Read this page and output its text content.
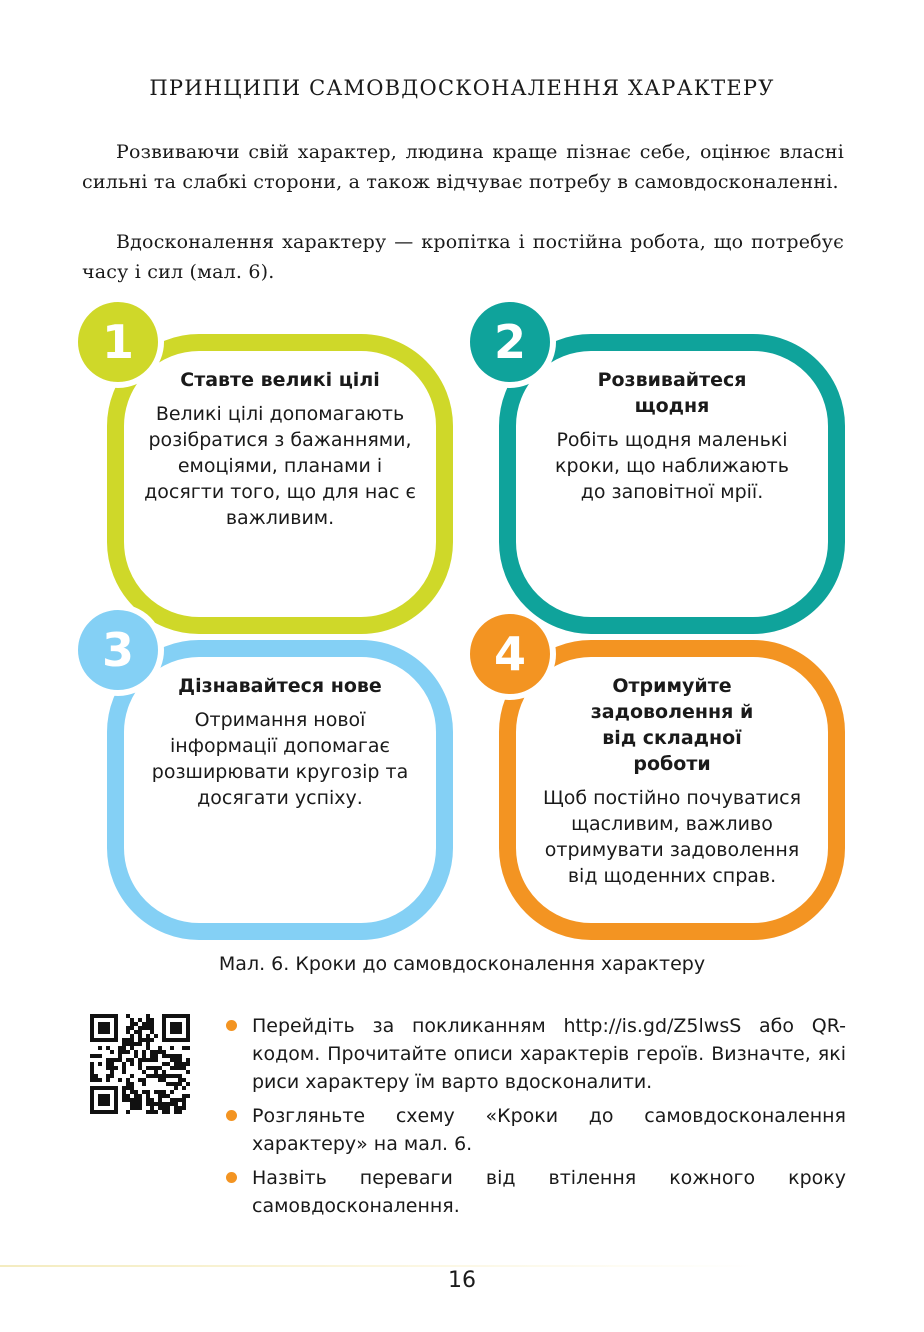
ПРИНЦИПИ САМОВДОСКОНАЛЕННЯ ХАРАКТЕРУ

Розвиваючи свій характер, людина краще пізнає себе, оцінює власні сильні та слабкі сторони, а також відчуває потребу в самовдосконаленні.

Вдосконалення характеру — кропітка і постійна робота, що потребує часу і сил (мал. 6).

Ставте великі цілі

Великі цілі допомагають розібратися з бажаннями, емоціями, планами і досягти того, що для нас є важливим.

1

Розвивайтеся щодня

Робіть щодня маленькі кроки, що наближають до заповітної мрії.

2

Дізнавайтеся нове

Отримання нової інформації допомагає розширювати кругозір та досягати успіху.

3

Отримуйте задоволення й від складної роботи

Щоб постійно почуватися щасливим, важливо отримувати задоволення від щоденних справ.

4

Мал. 6. Кроки до самовдосконалення характеру

Перейдіть за покликанням http://is.gd/Z5lwsS або QR-кодом. Прочитайте описи характерів героїв. Визначте, які риси характеру їм варто вдосконалити.
Розгляньте схему «Кроки до самовдосконалення характеру» на мал. 6.
Назвіть переваги від втілення кожного кроку самовдосконалення.

16
